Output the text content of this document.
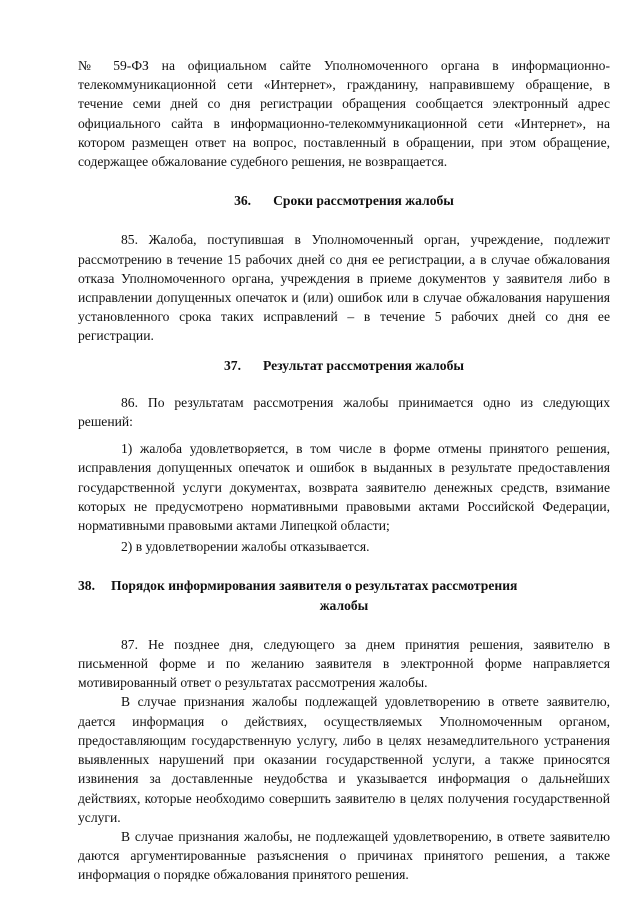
№ 59-ФЗ на официальном сайте Уполномоченного органа в информационно-телекоммуникационной сети «Интернет», гражданину, направившему обращение, в течение семи дней со дня регистрации обращения сообщается электронный адрес официального сайта в информационно-телекоммуникационной сети «Интернет», на котором размещен ответ на вопрос, поставленный в обращении, при этом обращение, содержащее обжалование судебного решения, не возвращается.

36. Сроки рассмотрения жалобы

85. Жалоба, поступившая в Уполномоченный орган, учреждение, подлежит рассмотрению в течение 15 рабочих дней со дня ее регистрации, а в случае обжалования отказа Уполномоченного органа, учреждения в приеме документов у заявителя либо в исправлении допущенных опечаток и (или) ошибок или в случае обжалования нарушения установленного срока таких исправлений – в течение 5 рабочих дней со дня ее регистрации.

37. Результат рассмотрения жалобы

86. По результатам рассмотрения жалобы принимается одно из следующих решений:

1) жалоба удовлетворяется, в том числе в форме отмены принятого решения, исправления допущенных опечаток и ошибок в выданных в результате предоставления государственной услуги документах, возврата заявителю денежных средств, взимание которых не предусмотрено нормативными правовыми актами Российской Федерации, нормативными правовыми актами Липецкой области;

2) в удовлетворении жалобы отказывается.

38. Порядок информирования заявителя о результатах рассмотрения
жалобы

87. Не позднее дня, следующего за днем принятия решения, заявителю в письменной форме и по желанию заявителя в электронной форме направляется мотивированный ответ о результатах рассмотрения жалобы.

В случае признания жалобы подлежащей удовлетворению в ответе заявителю, дается информация о действиях, осуществляемых Уполномоченным органом, предоставляющим государственную услугу, либо в целях незамедлительного устранения выявленных нарушений при оказании государственной услуги, а также приносятся извинения за доставленные неудобства и указывается информация о дальнейших действиях, которые необходимо совершить заявителю в целях получения государственной услуги.

В случае признания жалобы, не подлежащей удовлетворению, в ответе заявителю даются аргументированные разъяснения о причинах принятого решения, а также информация о порядке обжалования принятого решения.
